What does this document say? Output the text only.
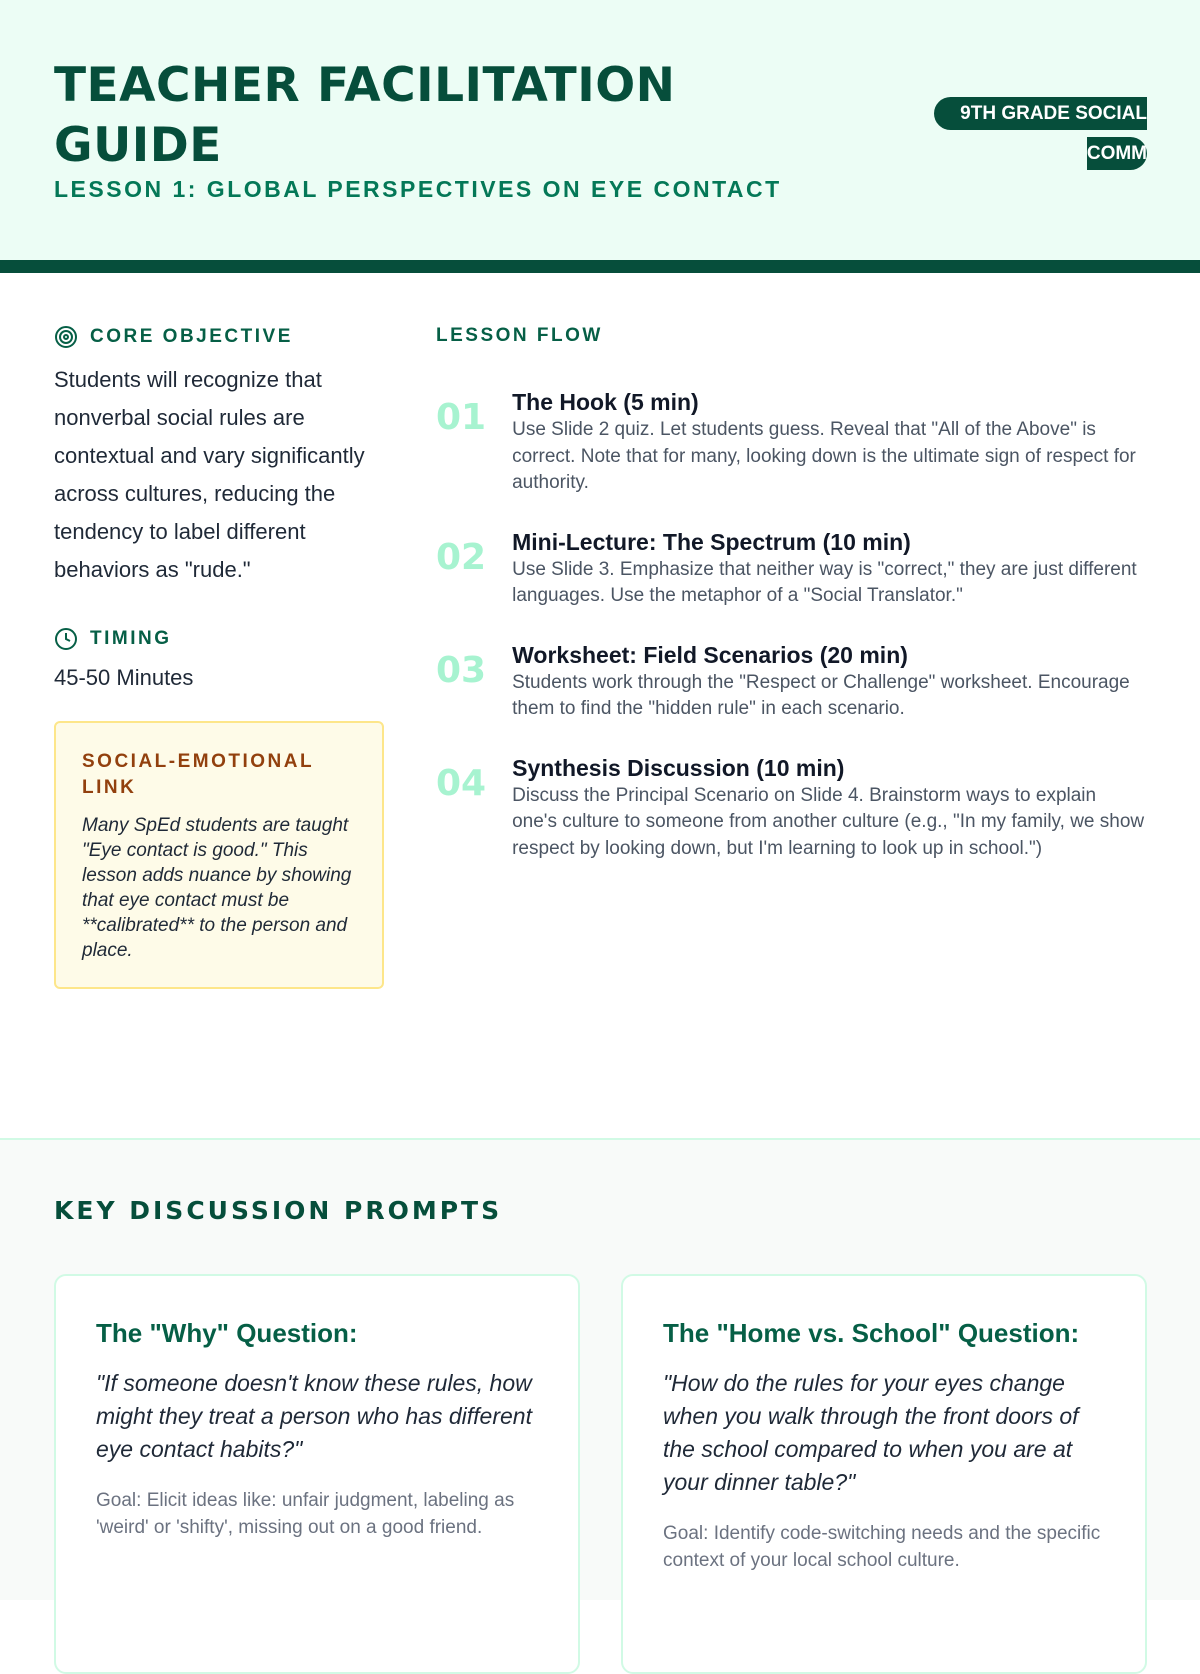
TEACHER FACILITATION GUIDE
LESSON 1: GLOBAL PERSPECTIVES ON EYE CONTACT
9TH GRADE SOCIAL COMM
CORE OBJECTIVE

Students will recognize that nonverbal social rules are contextual and vary significantly across cultures, reducing the tendency to label different behaviors as "rude."

TIMING
45-50 Minutes
SOCIAL-EMOTIONAL LINK

Many SpEd students are taught "Eye contact is good." This lesson adds nuance by showing that eye contact must be **calibrated** to the person and place.

LESSON FLOW
01 The Hook (5 min)
Use Slide 2 quiz. Let students guess. Reveal that "All of the Above" is correct. Note that for many, looking down is the ultimate sign of respect for authority.
02 Mini-Lecture: The Spectrum (10 min)
Use Slide 3. Emphasize that neither way is "correct," they are just different languages. Use the metaphor of a "Social Translator."
03 Worksheet: Field Scenarios (20 min)
Students work through the "Respect or Challenge" worksheet. Encourage them to find the "hidden rule" in each scenario.
04 Synthesis Discussion (10 min)
Discuss the Principal Scenario on Slide 4. Brainstorm ways to explain one's culture to someone from another culture (e.g., "In my family, we show respect by looking down, but I'm learning to look up in school.")
KEY DISCUSSION PROMPTS
The "Why" Question:

"If someone doesn't know these rules, how might they treat a person who has different eye contact habits?"

Goal: Elicit ideas like: unfair judgment, labeling as 'weird' or 'shifty', missing out on a good friend.

The "Home vs. School" Question:

"How do the rules for your eyes change when you walk through the front doors of the school compared to when you are at your dinner table?"

Goal: Identify code-switching needs and the specific context of your local school culture.
